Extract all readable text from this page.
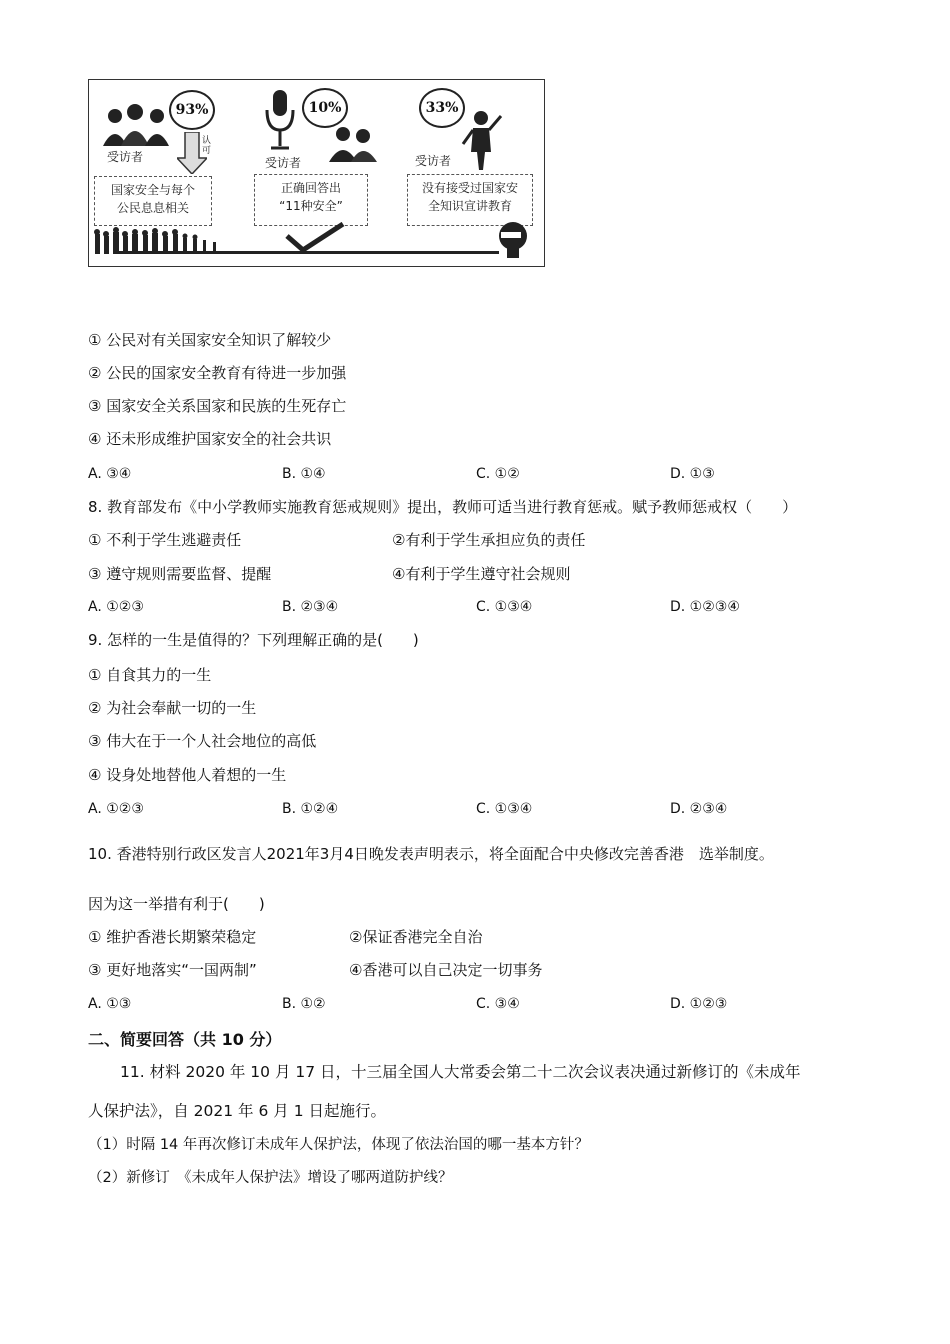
93%
受访者
认可
国家安全与每个
公民息息相关
10%
受访者
正确回答出
“11种安全”
33%
受访者
没有接受过国家安
全知识宣讲教育
① 公民对有关国家安全知识了解较少
② 公民的国家安全教育有待进一步加强
③ 国家安全关系国家和民族的生死存亡
④ 还未形成维护国家安全的社会共识
A. ③④	B. ①④	C. ①②	D. ①③
8. 教育部发布《中小学教师实施教育惩戒规则》提出，教师可适当进行教育惩戒。赋予教师惩戒权（　　）
① 不利于学生逃避责任	②有利于学生承担应负的责任
③ 遵守规则需要监督、提醒	④有利于学生遵守社会规则
A. ①②③	B. ②③④	C. ①③④	D. ①②③④
9. 怎样的一生是值得的？下列理解正确的是(　　)
① 自食其力的一生
② 为社会奉献一切的一生
③ 伟大在于一个人社会地位的高低
④ 设身处地替他人着想的一生
A. ①②③	B. ①②④	C. ①③④	D. ②③④
10. 香港特别行政区发言人2021年3月4日晚发表声明表示，将全面配合中央修改完善香港　选举制度。
因为这一举措有利于(　　)
① 维护香港长期繁荣稳定	②保证香港完全自治
③ 更好地落实“一国两制”	④香港可以自己决定一切事务
A. ①③	B. ①②	C. ③④	D. ①②③
二、简要回答（共 10 分）
11. 材料 2020 年 10 月 17 日，十三届全国人大常委会第二十二次会议表决通过新修订的《未成年
人保护法》，自 2021 年 6 月 1 日起施行。
（1）时隔 14 年再次修订未成年人保护法，体现了依法治国的哪一基本方针？
（2）新修订　《未成年人保护法》增设了哪两道防护线？
